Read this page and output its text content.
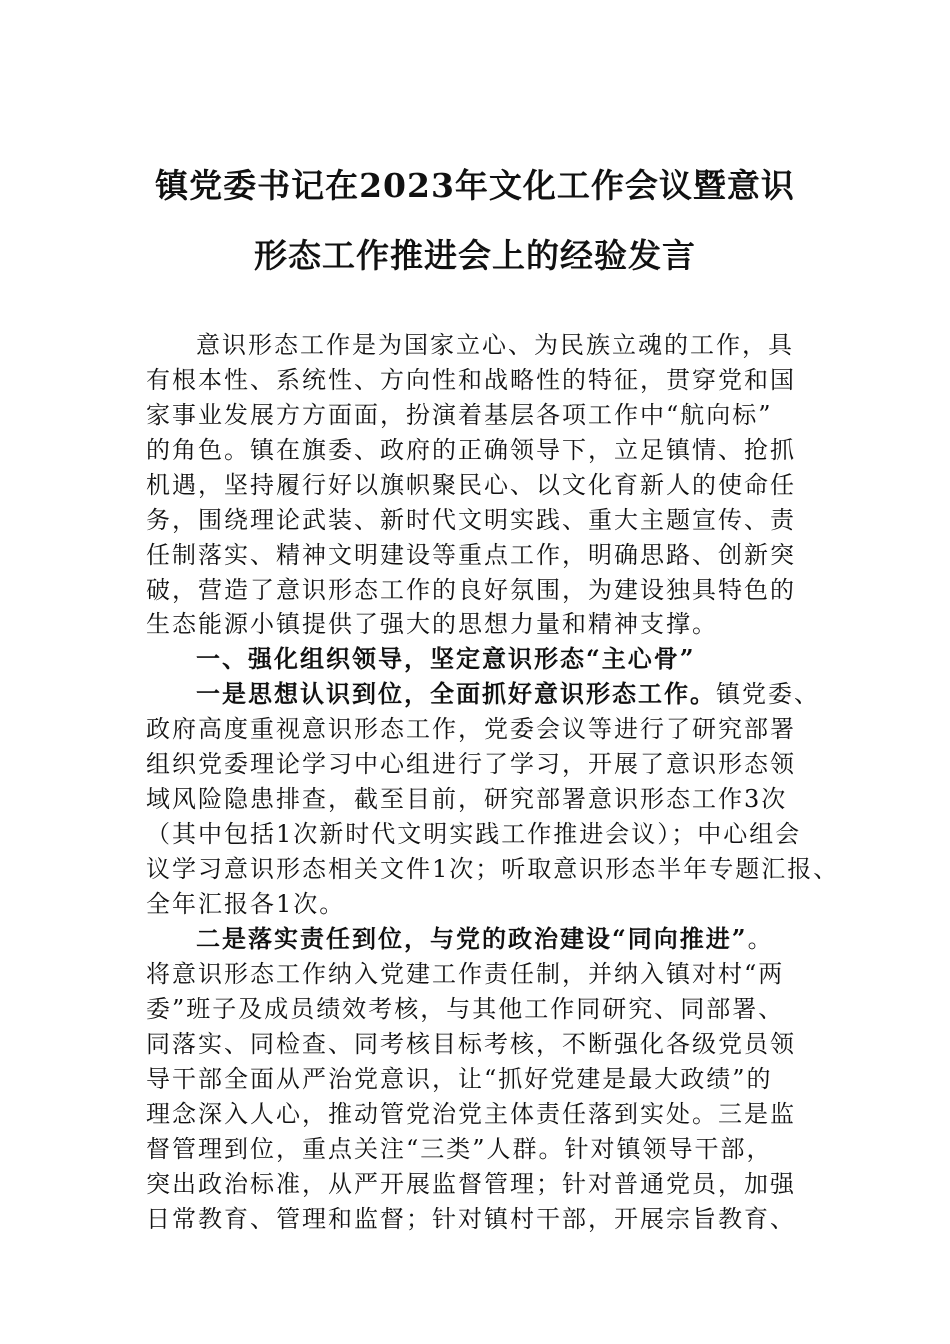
镇党委书记在2023年文化工作会议暨意识
形态工作推进会上的经验发言
意识形态工作是为国家立心、为民族立魂的工作，具
有根本性、系统性、方向性和战略性的特征，贯穿党和国
家事业发展方方面面，扮演着基层各项工作中“航向标”
的角色。镇在旗委、政府的正确领导下，立足镇情、抢抓
机遇，坚持履行好以旗帜聚民心、以文化育新人的使命任
务，围绕理论武装、新时代文明实践、重大主题宣传、责
任制落实、精神文明建设等重点工作，明确思路、创新突
破，营造了意识形态工作的良好氛围，为建设独具特色的
生态能源小镇提供了强大的思想力量和精神支撑。
一、强化组织领导，坚定意识形态“主心骨”
一是思想认识到位，全面抓好意识形态工作。镇党委、
政府高度重视意识形态工作，党委会议等进行了研究部署
组织党委理论学习中心组进行了学习，开展了意识形态领
域风险隐患排查，截至目前，研究部署意识形态工作3次
（其中包括1次新时代文明实践工作推进会议）；中心组会
议学习意识形态相关文件1次；听取意识形态半年专题汇报、
全年汇报各1次。
二是落实责任到位，与党的政治建设“同向推进”。
将意识形态工作纳入党建工作责任制，并纳入镇对村“两
委”班子及成员绩效考核，与其他工作同研究、同部署、
同落实、同检查、同考核目标考核，不断强化各级党员领
导干部全面从严治党意识，让“抓好党建是最大政绩”的
理念深入人心，推动管党治党主体责任落到实处。三是监
督管理到位，重点关注“三类”人群。针对镇领导干部，
突出政治标准，从严开展监督管理；针对普通党员，加强
日常教育、管理和监督；针对镇村干部，开展宗旨教育、
